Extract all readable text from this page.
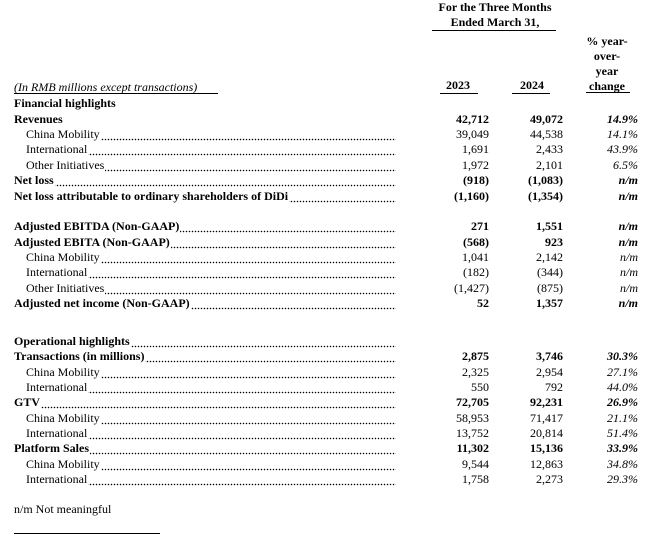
For the Three Months
Ended March 31,
% year-
over-
year
change
(In RMB millions except transactions)	2023	2024
Financial highlights
Revenues	42,712	49,072	14.9%
China Mobility	39,049	44,538	14.1%
International	1,691	2,433	43.9%
Other Initiatives	1,972	2,101	6.5%
Net loss	(918)	(1,083)	n/m
Net loss attributable to ordinary shareholders of DiDi	(1,160)	(1,354)	n/m
Adjusted EBITDA (Non-GAAP)	271	1,551	n/m
Adjusted EBITA (Non-GAAP)	(568)	923	n/m
China Mobility	1,041	2,142	n/m
International	(182)	(344)	n/m
Other Initiatives	(1,427)	(875)	n/m
Adjusted net income (Non-GAAP)	52	1,357	n/m
Operational highlights
Transactions (in millions)	2,875	3,746	30.3%
China Mobility	2,325	2,954	27.1%
International	550	792	44.0%
GTV	72,705	92,231	26.9%
China Mobility	58,953	71,417	21.1%
International	13,752	20,814	51.4%
Platform Sales	11,302	15,136	33.9%
China Mobility	9,544	12,863	34.8%
International	1,758	2,273	29.3%
n/m Not meaningful
